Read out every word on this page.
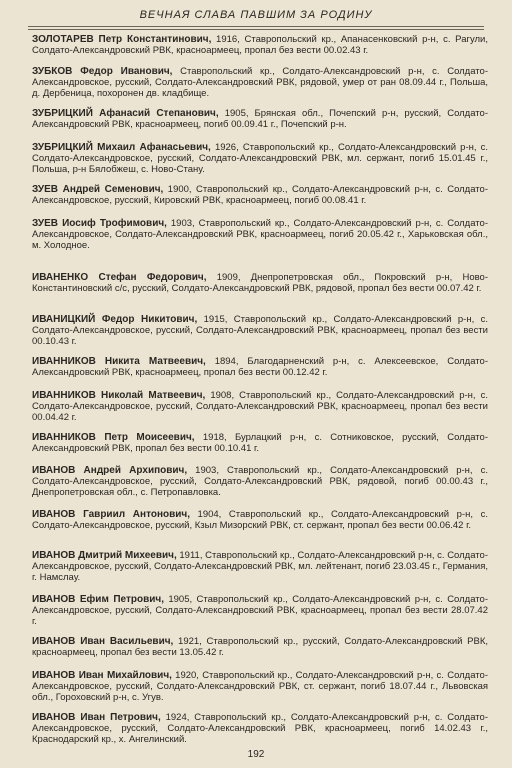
ВЕЧНАЯ СЛАВА ПАВШИМ ЗА РОДИНУ
ЗОЛОТАРЕВ Петр Константинович, 1916, Ставропольский кр., Апанасенковский р-н, с. Рагули, Солдато-Александровский РВК, красноармеец, пропал без вести 00.02.43 г.
ЗУБКОВ Федор Иванович, Ставропольский кр., Солдато-Александровский р-н, с. Солдато-Александровское, русский, Солдато-Александровский РВК, рядовой, умер от ран 08.09.44 г., Польша, д. Дербеница, похоронен дв. кладбище.
ЗУБРИЦКИЙ Афанасий Степанович, 1905, Брянская обл., Почепский р-н, русский, Солдато-Александровский РВК, красноармеец, погиб 00.09.41 г., Почепский р-н.
ЗУБРИЦКИЙ Михаил Афанасьевич, 1926, Ставропольский кр., Солдато-Александровский р-н, с. Солдато-Александровское, русский, Солдато-Александровский РВК, мл. сержант, погиб 15.01.45 г., Польша, р-н Бялобжеш, с. Ново-Стану.
ЗУЕВ Андрей Семенович, 1900, Ставропольский кр., Солдато-Александровский р-н, с. Солдато-Александровское, русский, Кировский РВК, красноармеец, погиб 00.08.41 г.
ЗУЕВ Иосиф Трофимович, 1903, Ставропольский кр., Солдато-Александровский р-н, с. Солдато-Александровское, Солдато-Александровский РВК, красноармеец, погиб 20.05.42 г., Харьковская обл., м. Холодное.
ИВАНЕНКО Стефан Федорович, 1909, Днепропетровская обл., Покровский р-н, Ново-Константиновский с/с, русский, Солдато-Александровский РВК, рядовой, пропал без вести 00.07.42 г.
ИВАНИЦКИЙ Федор Никитович, 1915, Ставропольский кр., Солдато-Александровский р-н, с. Солдато-Александровское, русский, Солдато-Александровский РВК, красноармеец, пропал без вести 00.10.43 г.
ИВАННИКОВ Никита Матвеевич, 1894, Благодарненский р-н, с. Алексеевское, Солдато-Александровский РВК, красноармеец, пропал без вести 00.12.42 г.
ИВАННИКОВ Николай Матвеевич, 1908, Ставропольский кр., Солдато-Александровский р-н, с. Солдато-Александровское, русский, Солдато-Александровский РВК, красноармеец, пропал без вести 00.04.42 г.
ИВАННИКОВ Петр Моисеевич, 1918, Бурлацкий р-н, с. Сотниковское, русский, Солдато-Александровский РВК, пропал без вести 00.10.41 г.
ИВАНОВ Андрей Архипович, 1903, Ставропольский кр., Солдато-Александровский р-н, с. Солдато-Александровское, русский, Солдато-Александровский РВК, рядовой, погиб 00.00.43 г., Днепропетровская обл., с. Петропавловка.
ИВАНОВ Гавриил Антонович, 1904, Ставропольский кр., Солдато-Александровский р-н, с. Солдато-Александровское, русский, Кзыл Мизорский РВК, ст. сержант, пропал без вести 00.06.42 г.
ИВАНОВ Дмитрий Михеевич, 1911, Ставропольский кр., Солдато-Александровский р-н, с. Солдато-Александровское, русский, Солдато-Александровский РВК, мл. лейтенант, погиб 23.03.45 г., Германия, г. Намслау.
ИВАНОВ Ефим Петрович, 1905, Ставропольский кр., Солдато-Александровский р-н, с. Солдато-Александровское, русский, Солдато-Александровский РВК, красноармеец, пропал без вести 28.07.42 г.
ИВАНОВ Иван Васильевич, 1921, Ставропольский кр., русский, Солдато-Александровский РВК, красноармеец, пропал без вести 13.05.42 г.
ИВАНОВ Иван Михайлович, 1920, Ставропольский кр., Солдато-Александровский р-н, с. Солдато-Александровское, русский, Солдато-Александровский РВК, ст. сержант, погиб 18.07.44 г., Львовская обл., Гороховский р-н, с. Угув.
ИВАНОВ Иван Петрович, 1924, Ставропольский кр., Солдато-Александровский р-н, с. Солдато-Александровское, русский, Солдато-Александровский РВК, красноармеец, погиб 14.02.43 г., Краснодарский кр., х. Ангелинский.
192
